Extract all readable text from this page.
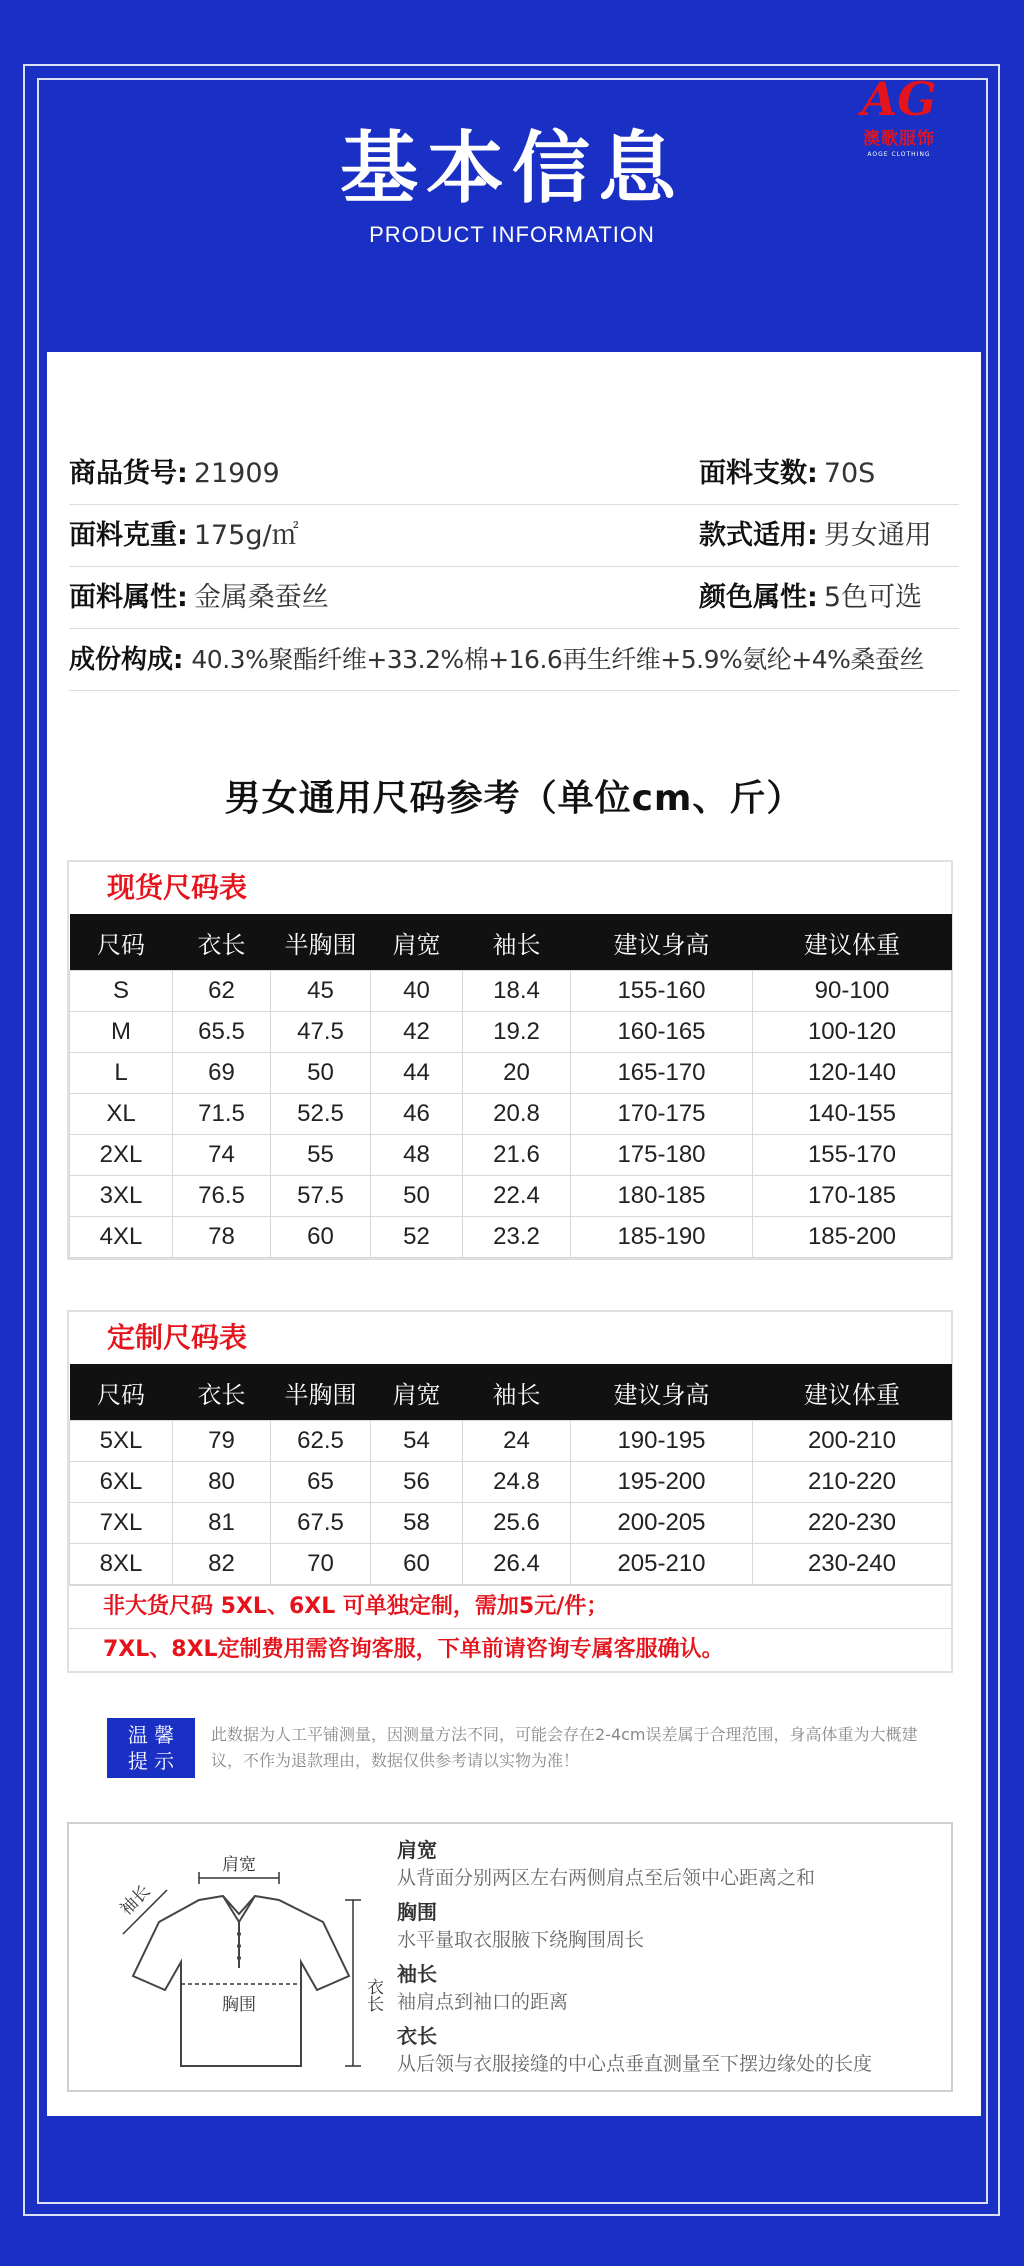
AG
澳歌服饰
AOGE CLOTHING
基本信息
PRODUCT INFORMATION
商品货号: 21909	面料支数: 70S
面料克重: 175g/㎡	款式适用: 男女通用
面料属性: 金属桑蚕丝	颜色属性: 5色可选
成份构成: 40.3%聚酯纤维+33.2%棉+16.6再生纤维+5.9%氨纶+4%桑蚕丝
男女通用尺码参考（单位cm、斤）
现货尺码表
尺码	衣长	半胸围	肩宽	袖长	建议身高	建议体重
S	62	45	40	18.4	155-160	90-100
M	65.5	47.5	42	19.2	160-165	100-120
L	69	50	44	20	165-170	120-140
XL	71.5	52.5	46	20.8	170-175	140-155
2XL	74	55	48	21.6	175-180	155-170
3XL	76.5	57.5	50	22.4	180-185	170-185
4XL	78	60	52	23.2	185-190	185-200
定制尺码表
尺码	衣长	半胸围	肩宽	袖长	建议身高	建议体重
5XL	79	62.5	54	24	190-195	200-210
6XL	80	65	56	24.8	195-200	210-220
7XL	81	67.5	58	25.6	200-205	220-230
8XL	82	70	60	26.4	205-210	230-240
非大货尺码 5XL、6XL 可单独定制，需加5元/件；
7XL、8XL定制费用需咨询客服，下单前请咨询专属客服确认。
温 馨
提 示
此数据为人工平铺测量，因测量方法不同，可能会存在2-4cm误差属于合理范围，身高体重为大概建议，不作为退款理由，数据仅供参考请以实物为准！
肩宽
袖长
胸围	衣长
肩宽
从背面分别两区左右两侧肩点至后领中心距离之和
胸围
水平量取衣服腋下绕胸围周长
袖长
袖肩点到袖口的距离
衣长
从后领与衣服接缝的中心点垂直测量至下摆边缘处的长度
